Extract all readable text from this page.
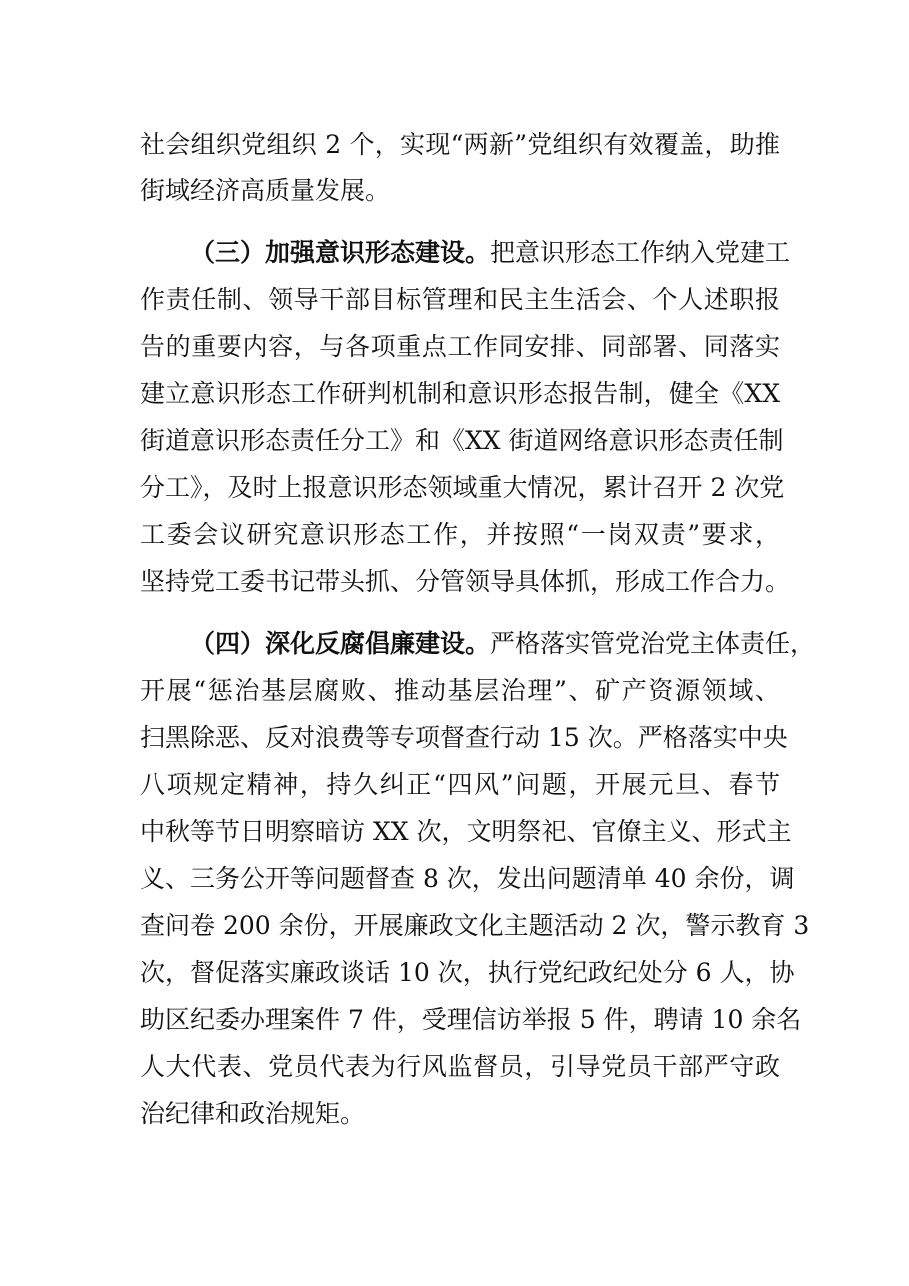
社会组织党组织 2 个，实现“两新”党组织有效覆盖，助推
街域经济高质量发展。
（三）加强意识形态建设。把意识形态工作纳入党建工
作责任制、领导干部目标管理和民主生活会、个人述职报
告的重要内容，与各项重点工作同安排、同部署、同落实
建立意识形态工作研判机制和意识形态报告制，健全《XX
街道意识形态责任分工》和《XX 街道网络意识形态责任制
分工》，及时上报意识形态领域重大情况，累计召开 2 次党
工委会议研究意识形态工作，并按照“一岗双责”要求，
坚持党工委书记带头抓、分管领导具体抓，形成工作合力。
（四）深化反腐倡廉建设。严格落实管党治党主体责任，
开展“惩治基层腐败、推动基层治理”、矿产资源领域、
扫黑除恶、反对浪费等专项督查行动 15 次。严格落实中央
八项规定精神，持久纠正“四风”问题，开展元旦、春节
中秋等节日明察暗访 XX 次，文明祭祀、官僚主义、形式主
义、三务公开等问题督查 8 次，发出问题清单 40 余份，调
查问卷 200 余份，开展廉政文化主题活动 2 次，警示教育 3
次，督促落实廉政谈话 10 次，执行党纪政纪处分 6 人，协
助区纪委办理案件 7 件，受理信访举报 5 件，聘请 10 余名
人大代表、党员代表为行风监督员，引导党员干部严守政
治纪律和政治规矩。
